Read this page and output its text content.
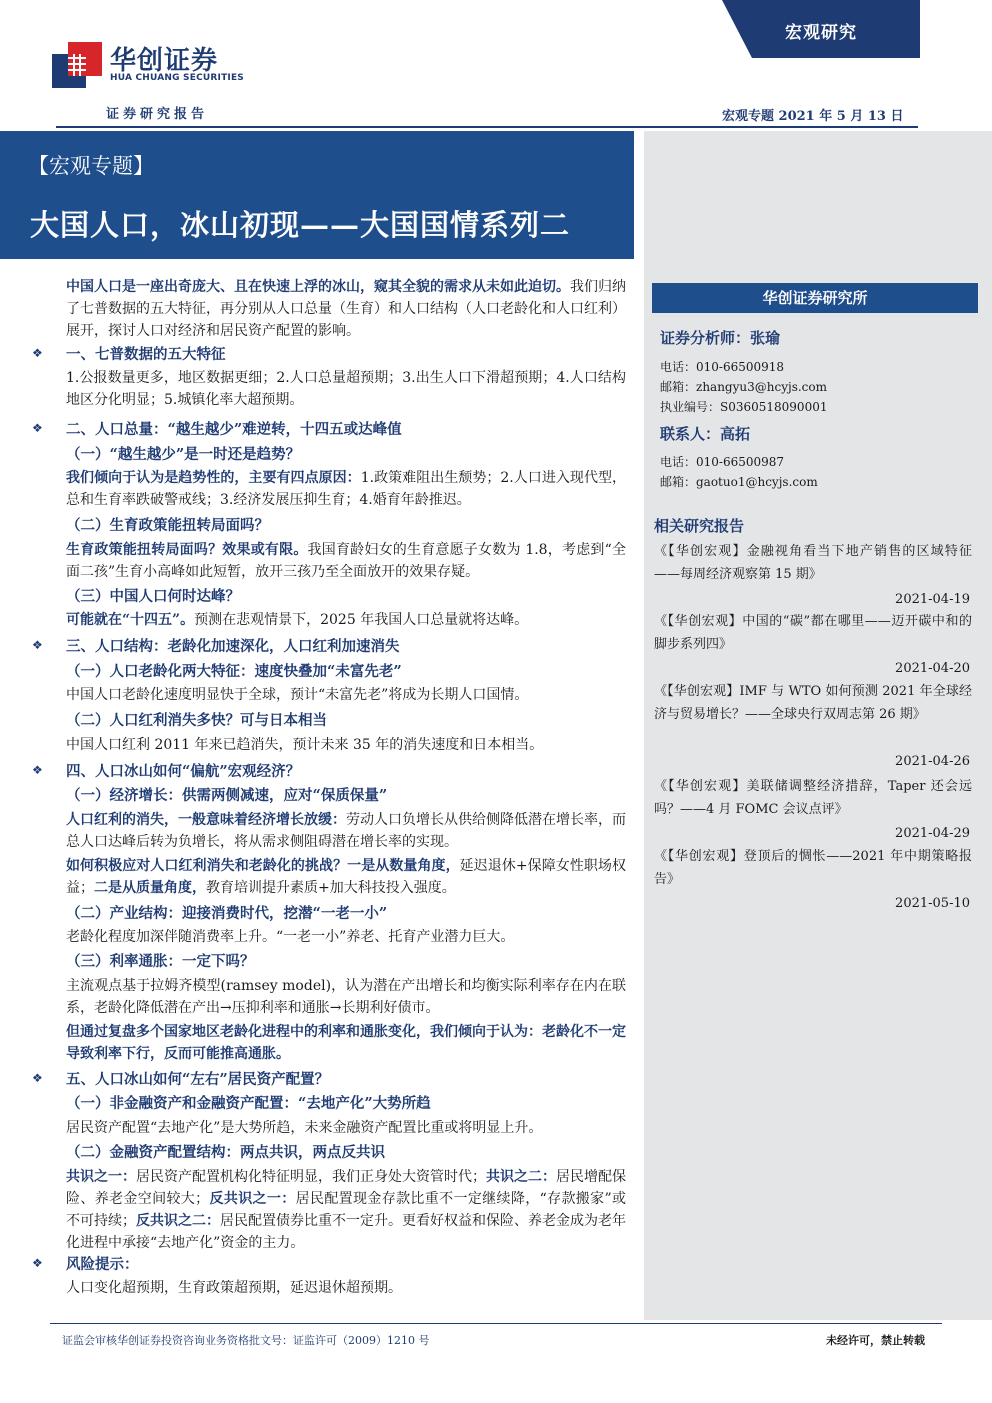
华创证券
HUA CHUANG SECURITIES
宏观研究
证券研究报告	宏观专题 2021 年 5 月 13 日
【宏观专题】
大国人口，冰山初现——大国国情系列二
华创证券研究所
证券分析师：张瑜
电话：010-66500918
邮箱：zhangyu3@hcyjs.com
执业编号：S0360518090001
联系人：高拓
电话：010-66500987
邮箱：gaotuo1@hcyjs.com
相关研究报告
《【华创宏观】金融视角看当下地产销售的区域特征——每周经济观察第 15 期》
2021-04-19
《【华创宏观】中国的“碳”都在哪里——迈开碳中和的脚步系列四》
2021-04-20
《【华创宏观】IMF 与 WTO 如何预测 2021 年全球经济与贸易增长？——全球央行双周志第 26 期》
2021-04-26
《【华创宏观】美联储调整经济措辞，Taper 还会远吗？——4 月 FOMC 会议点评》
2021-04-29
《【华创宏观】登顶后的惆怅——2021 年中期策略报告》
2021-05-10
中国人口是一座出奇庞大、且在快速上浮的冰山，窥其全貌的需求从未如此迫切。我们归纳了七普数据的五大特征，再分别从人口总量（生育）和人口结构（人口老龄化和人口红利）展开，探讨人口对经济和居民资产配置的影响。
❖ 一、七普数据的五大特征
1.公报数量更多，地区数据更细；2.人口总量超预期；3.出生人口下滑超预期；4.人口结构地区分化明显；5.城镇化率大超预期。
❖ 二、人口总量：“越生越少”难逆转，十四五或达峰值
（一）“越生越少”是一时还是趋势？
我们倾向于认为是趋势性的，主要有四点原因：1.政策难阻出生颓势；2.人口进入现代型，总和生育率跌破警戒线；3.经济发展压抑生育；4.婚育年龄推迟。
（二）生育政策能扭转局面吗？
生育政策能扭转局面吗？效果或有限。我国育龄妇女的生育意愿子女数为 1.8，考虑到“全面二孩”生育小高峰如此短暂，放开三孩乃至全面放开的效果存疑。
（三）中国人口何时达峰？
可能就在“十四五”。预测在悲观情景下，2025 年我国人口总量就将达峰。
❖ 三、人口结构：老龄化加速深化，人口红利加速消失
（一）人口老龄化两大特征：速度快叠加“未富先老”
中国人口老龄化速度明显快于全球，预计“未富先老”将成为长期人口国情。
（二）人口红利消失多快？可与日本相当
中国人口红利 2011 年来已趋消失，预计未来 35 年的消失速度和日本相当。
❖ 四、人口冰山如何“偏航”宏观经济？
（一）经济增长：供需两侧减速，应对“保质保量”
人口红利的消失，一般意味着经济增长放缓：劳动人口负增长从供给侧降低潜在增长率，而总人口达峰后转为负增长，将从需求侧阻碍潜在增长率的实现。
如何积极应对人口红利消失和老龄化的挑战？一是从数量角度，延迟退休+保障女性职场权益；二是从质量角度，教育培训提升素质+加大科技投入强度。
（二）产业结构：迎接消费时代，挖潜“一老一小”
老龄化程度加深伴随消费率上升。“一老一小”养老、托育产业潜力巨大。
（三）利率通胀：一定下吗？
主流观点基于拉姆齐模型(ramsey model)，认为潜在产出增长和均衡实际利率存在内在联系，老龄化降低潜在产出→压抑利率和通胀→长期利好债市。
但通过复盘多个国家地区老龄化进程中的利率和通胀变化，我们倾向于认为：老龄化不一定导致利率下行，反而可能推高通胀。
❖ 五、人口冰山如何“左右”居民资产配置？
（一）非金融资产和金融资产配置：“去地产化”大势所趋
居民资产配置“去地产化”是大势所趋，未来金融资产配置比重或将明显上升。
（二）金融资产配置结构：两点共识，两点反共识
共识之一：居民资产配置机构化特征明显，我们正身处大资管时代；共识之二：居民增配保险、养老金空间较大；反共识之一：居民配置现金存款比重不一定继续降，“存款搬家”或不可持续；反共识之二：居民配置债券比重不一定升。更看好权益和保险、养老金成为老年化进程中承接“去地产化”资金的主力。
❖ 风险提示：
人口变化超预期，生育政策超预期，延迟退休超预期。
证监会审核华创证券投资咨询业务资格批文号：证监许可（2009）1210 号	未经许可，禁止转载
